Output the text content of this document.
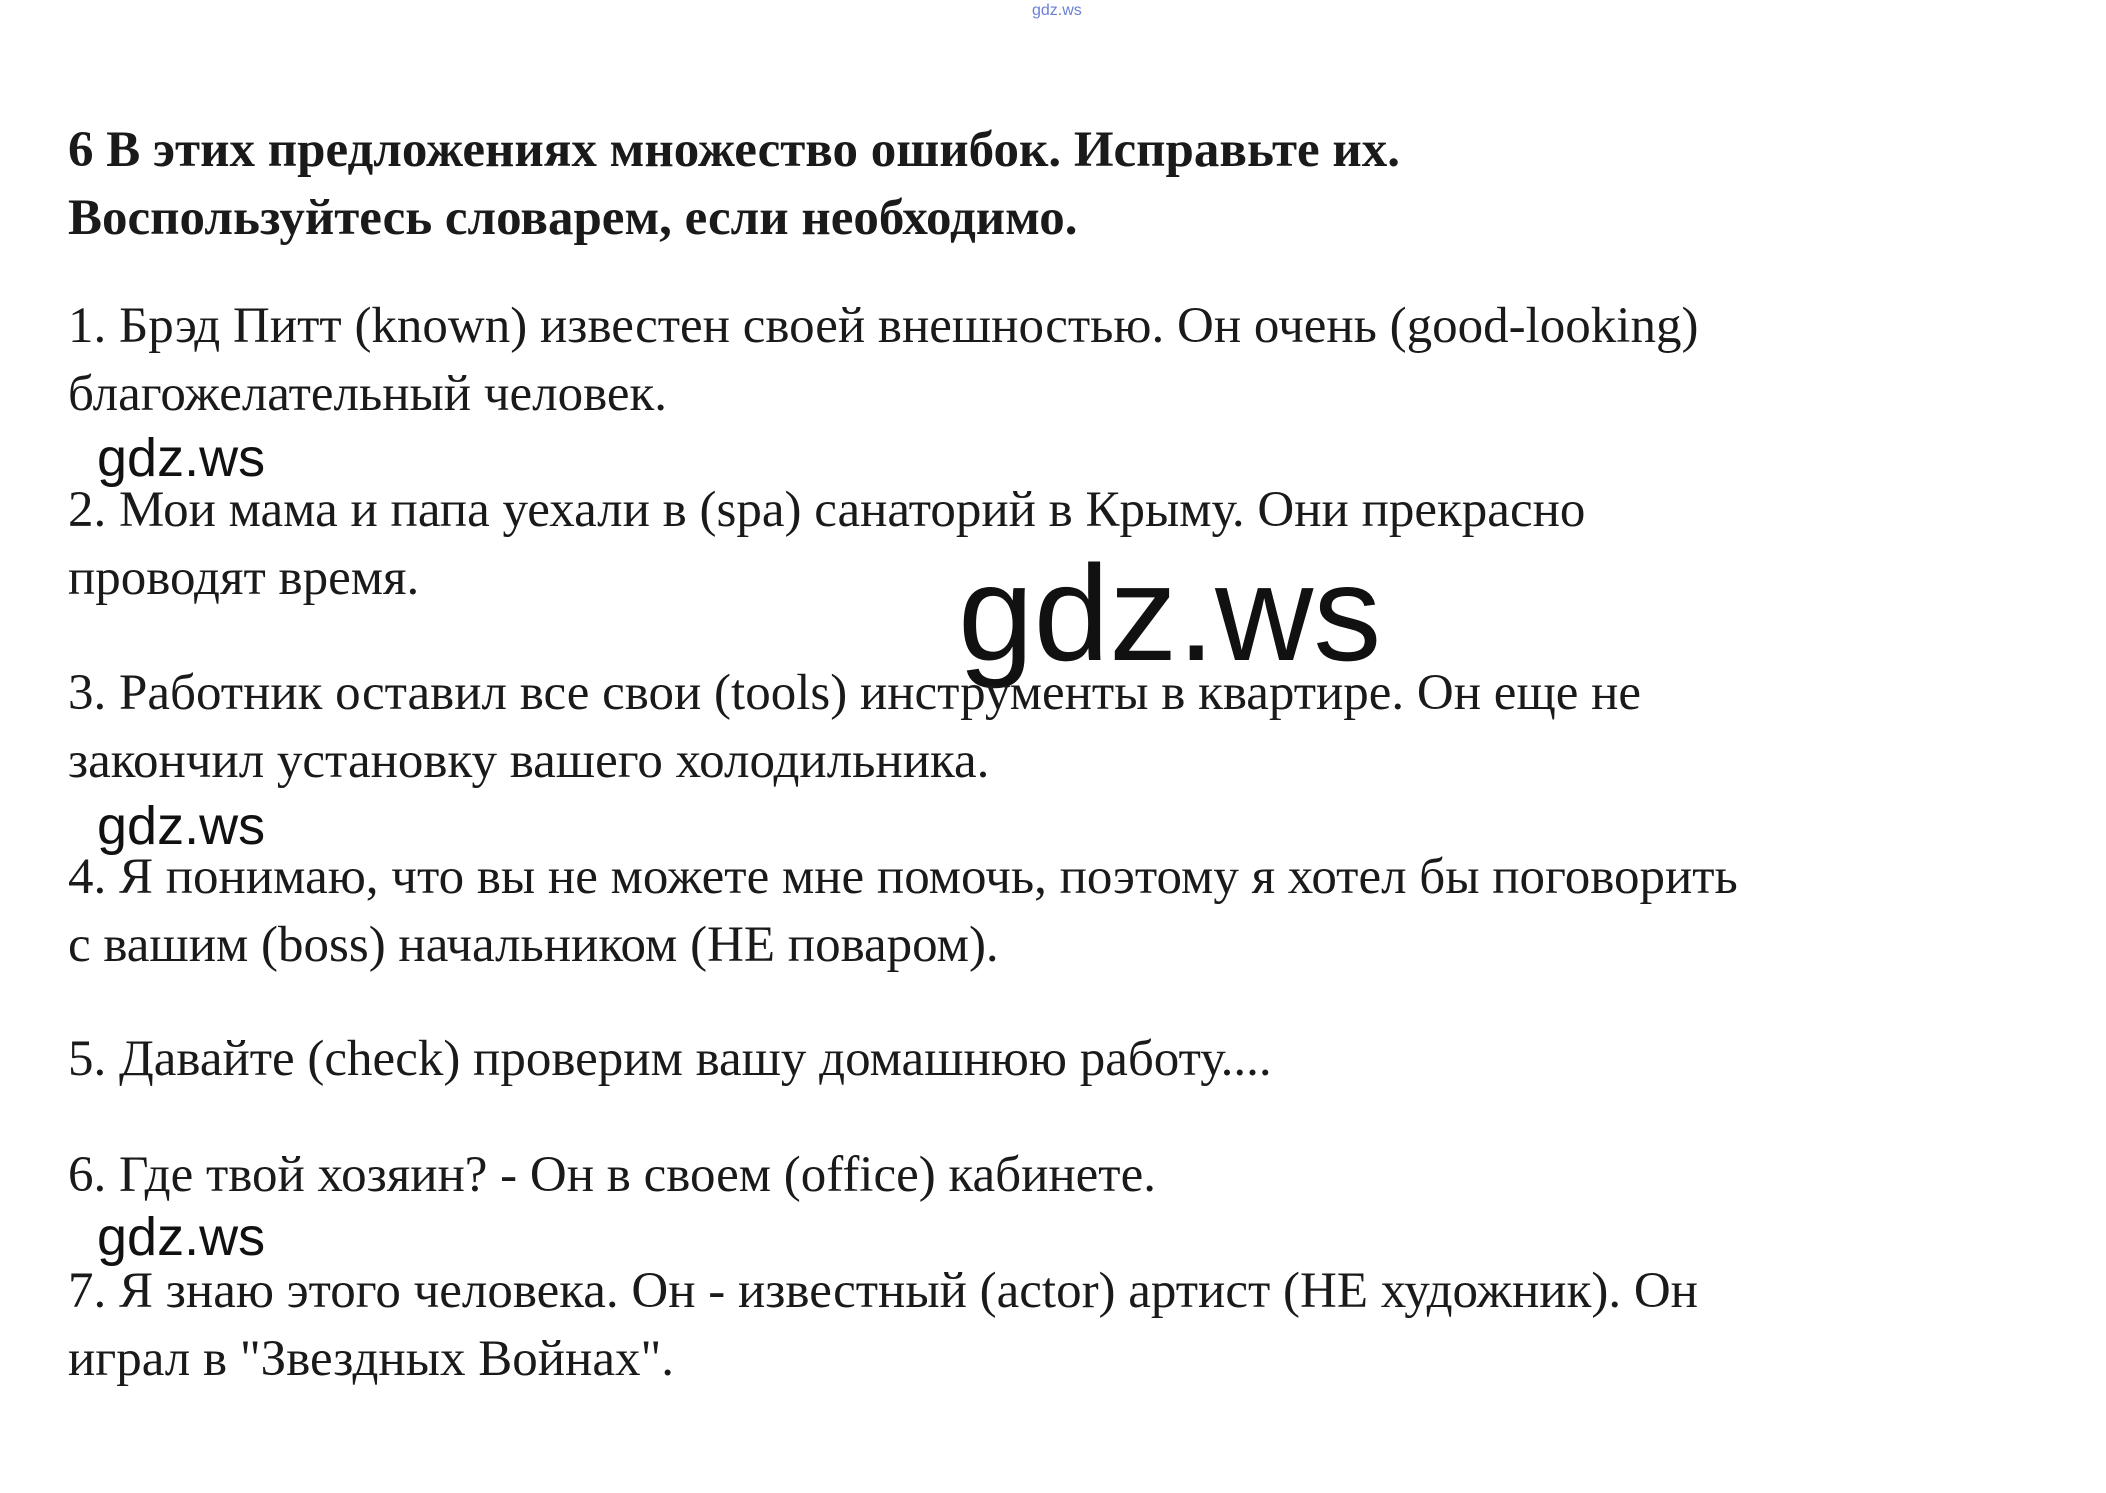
gdz.ws
6 В этих предложениях множество ошибок. Исправьте их.
Воспользуйтесь словарем, если необходимо.
1. Брэд Питт (known) известен своей внешностью. Он очень (good-looking)
благожелательный человек.
gdz.ws
2. Мои мама и папа уехали в (spa) санаторий в Крыму. Они прекрасно
проводят время.	gdz.ws
3. Работник оставил все свои (tools) инструменты в квартире. Он еще не
закончил установку вашего холодильника.
gdz.ws
4. Я понимаю, что вы не можете мне помочь, поэтому я хотел бы поговорить
с вашим (boss) начальником (НЕ поваром).
5. Давайте (check) проверим вашу домашнюю работу....
6. Где твой хозяин? - Он в своем (office) кабинете.
gdz.ws
7. Я знаю этого человека. Он - известный (actor) артист (НЕ художник). Он
играл в "Звездных Войнах".
